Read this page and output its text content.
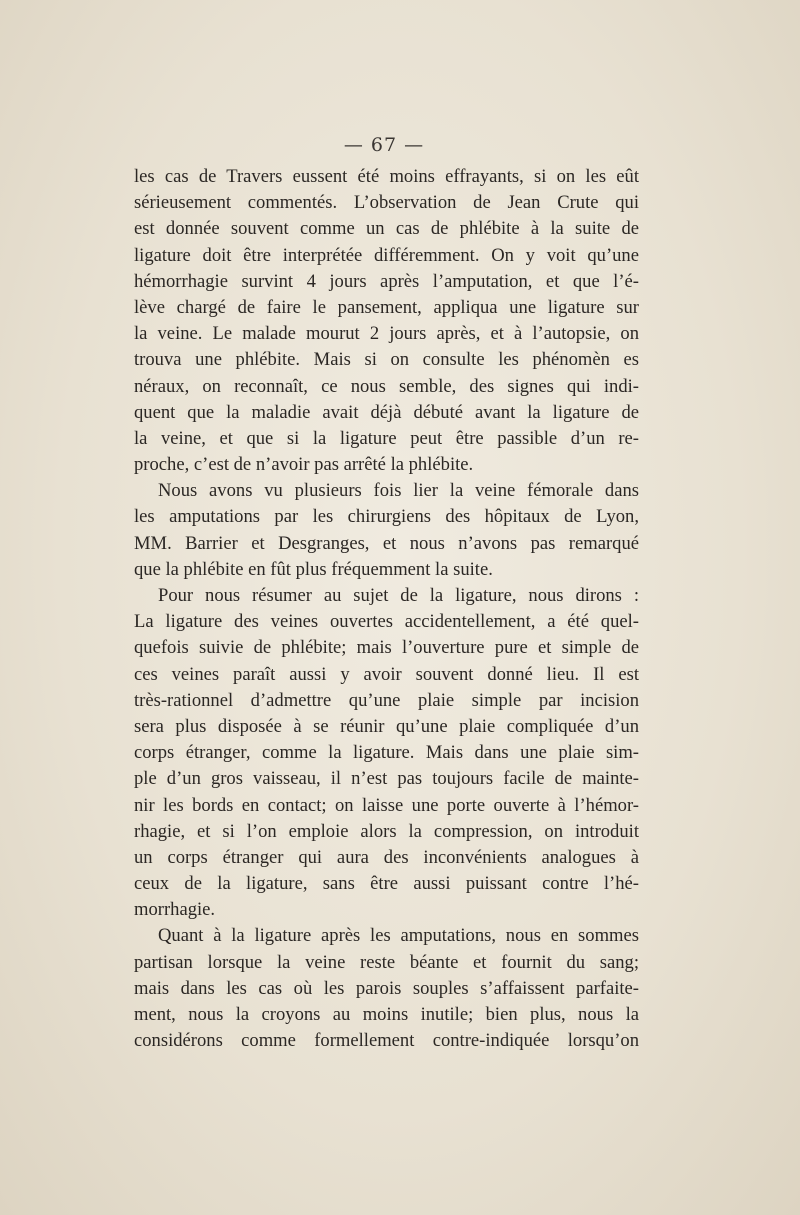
— 67 —
les cas de Travers eussent été moins effrayants, si on les eût
sérieusement commentés. L’observation de Jean Crute qui
est donnée souvent comme un cas de phlébite à la suite de
ligature doit être interprétée différemment. On y voit qu’une
hémorrhagie survint 4 jours après l’amputation, et que l’é-
lève chargé de faire le pansement, appliqua une ligature sur
la veine. Le malade mourut 2 jours après, et à l’autopsie, on
trouva une phlébite. Mais si on consulte les phénomèn es
néraux, on reconnaît, ce nous semble, des signes qui indi-
quent que la maladie avait déjà débuté avant la ligature de
la veine, et que si la ligature peut être passible d’un re-
proche, c’est de n’avoir pas arrêté la phlébite.
Nous avons vu plusieurs fois lier la veine fémorale dans
les amputations par les chirurgiens des hôpitaux de Lyon,
MM. Barrier et Desgranges, et nous n’avons pas remarqué
que la phlébite en fût plus fréquemment la suite.
Pour nous résumer au sujet de la ligature, nous dirons :
La ligature des veines ouvertes accidentellement, a été quel-
quefois suivie de phlébite; mais l’ouverture pure et simple de
ces veines paraît aussi y avoir souvent donné lieu. Il est
très-rationnel d’admettre qu’une plaie simple par incision
sera plus disposée à se réunir qu’une plaie compliquée d’un
corps étranger, comme la ligature. Mais dans une plaie sim-
ple d’un gros vaisseau, il n’est pas toujours facile de mainte-
nir les bords en contact; on laisse une porte ouverte à l’hémor-
rhagie, et si l’on emploie alors la compression, on introduit
un corps étranger qui aura des inconvénients analogues à
ceux de la ligature, sans être aussi puissant contre l’hé-
morrhagie.
Quant à la ligature après les amputations, nous en sommes
partisan lorsque la veine reste béante et fournit du sang;
mais dans les cas où les parois souples s’affaissent parfaite-
ment, nous la croyons au moins inutile; bien plus, nous la
considérons comme formellement contre-indiquée lorsqu’on
